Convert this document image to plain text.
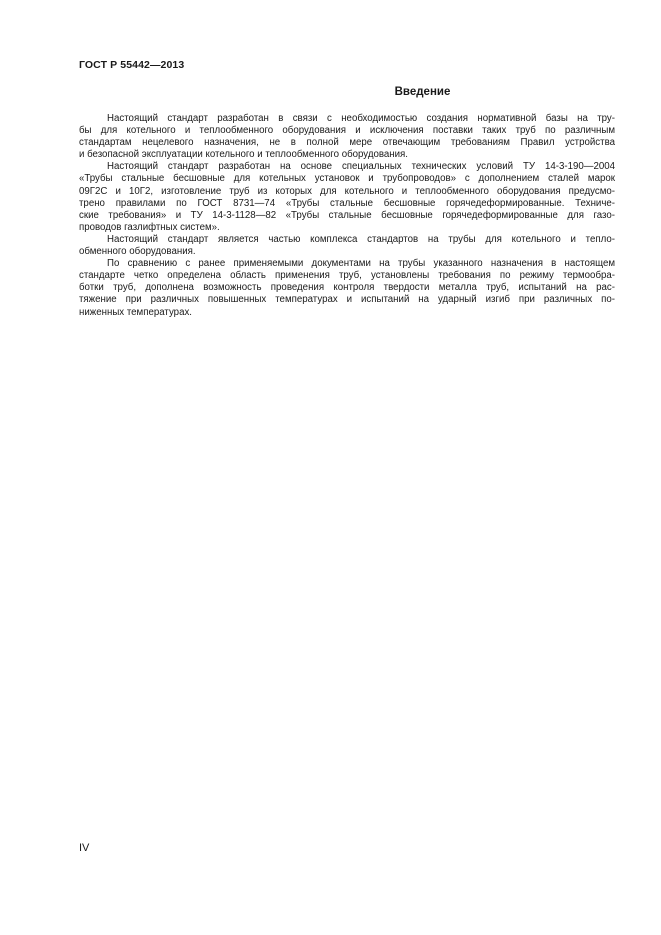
ГОСТ Р 55442—2013
Введение
Настоящий стандарт разработан в связи с необходимостью создания нормативной базы на тру-
бы для котельного и теплообменного оборудования и исключения поставки таких труб по различным
стандартам нецелевого назначения, не в полной мере отвечающим требованиям Правил устройства
и безопасной эксплуатации котельного и теплообменного оборудования.
Настоящий стандарт разработан на основе специальных технических условий ТУ 14-3-190—2004
«Трубы стальные бесшовные для котельных установок и трубопроводов» с дополнением сталей марок
09Г2С и 10Г2, изготовление труб из которых для котельного и теплообменного оборудования предусмо-
трено правилами по ГОСТ 8731—74 «Трубы стальные бесшовные горячедеформированные. Техниче-
ские требования» и ТУ 14-3-1128—82 «Трубы стальные бесшовные горячедеформированные для газо-
проводов газлифтных систем».
Настоящий стандарт является частью комплекса стандартов на трубы для котельного и тепло-
обменного оборудования.
По сравнению с ранее применяемыми документами на трубы указанного назначения в настоящем
стандарте четко определена область применения труб, установлены требования по режиму термообра-
ботки труб, дополнена возможность проведения контроля твердости металла труб, испытаний на рас-
тяжение при различных повышенных температурах и испытаний на ударный изгиб при различных по-
ниженных температурах.
IV
